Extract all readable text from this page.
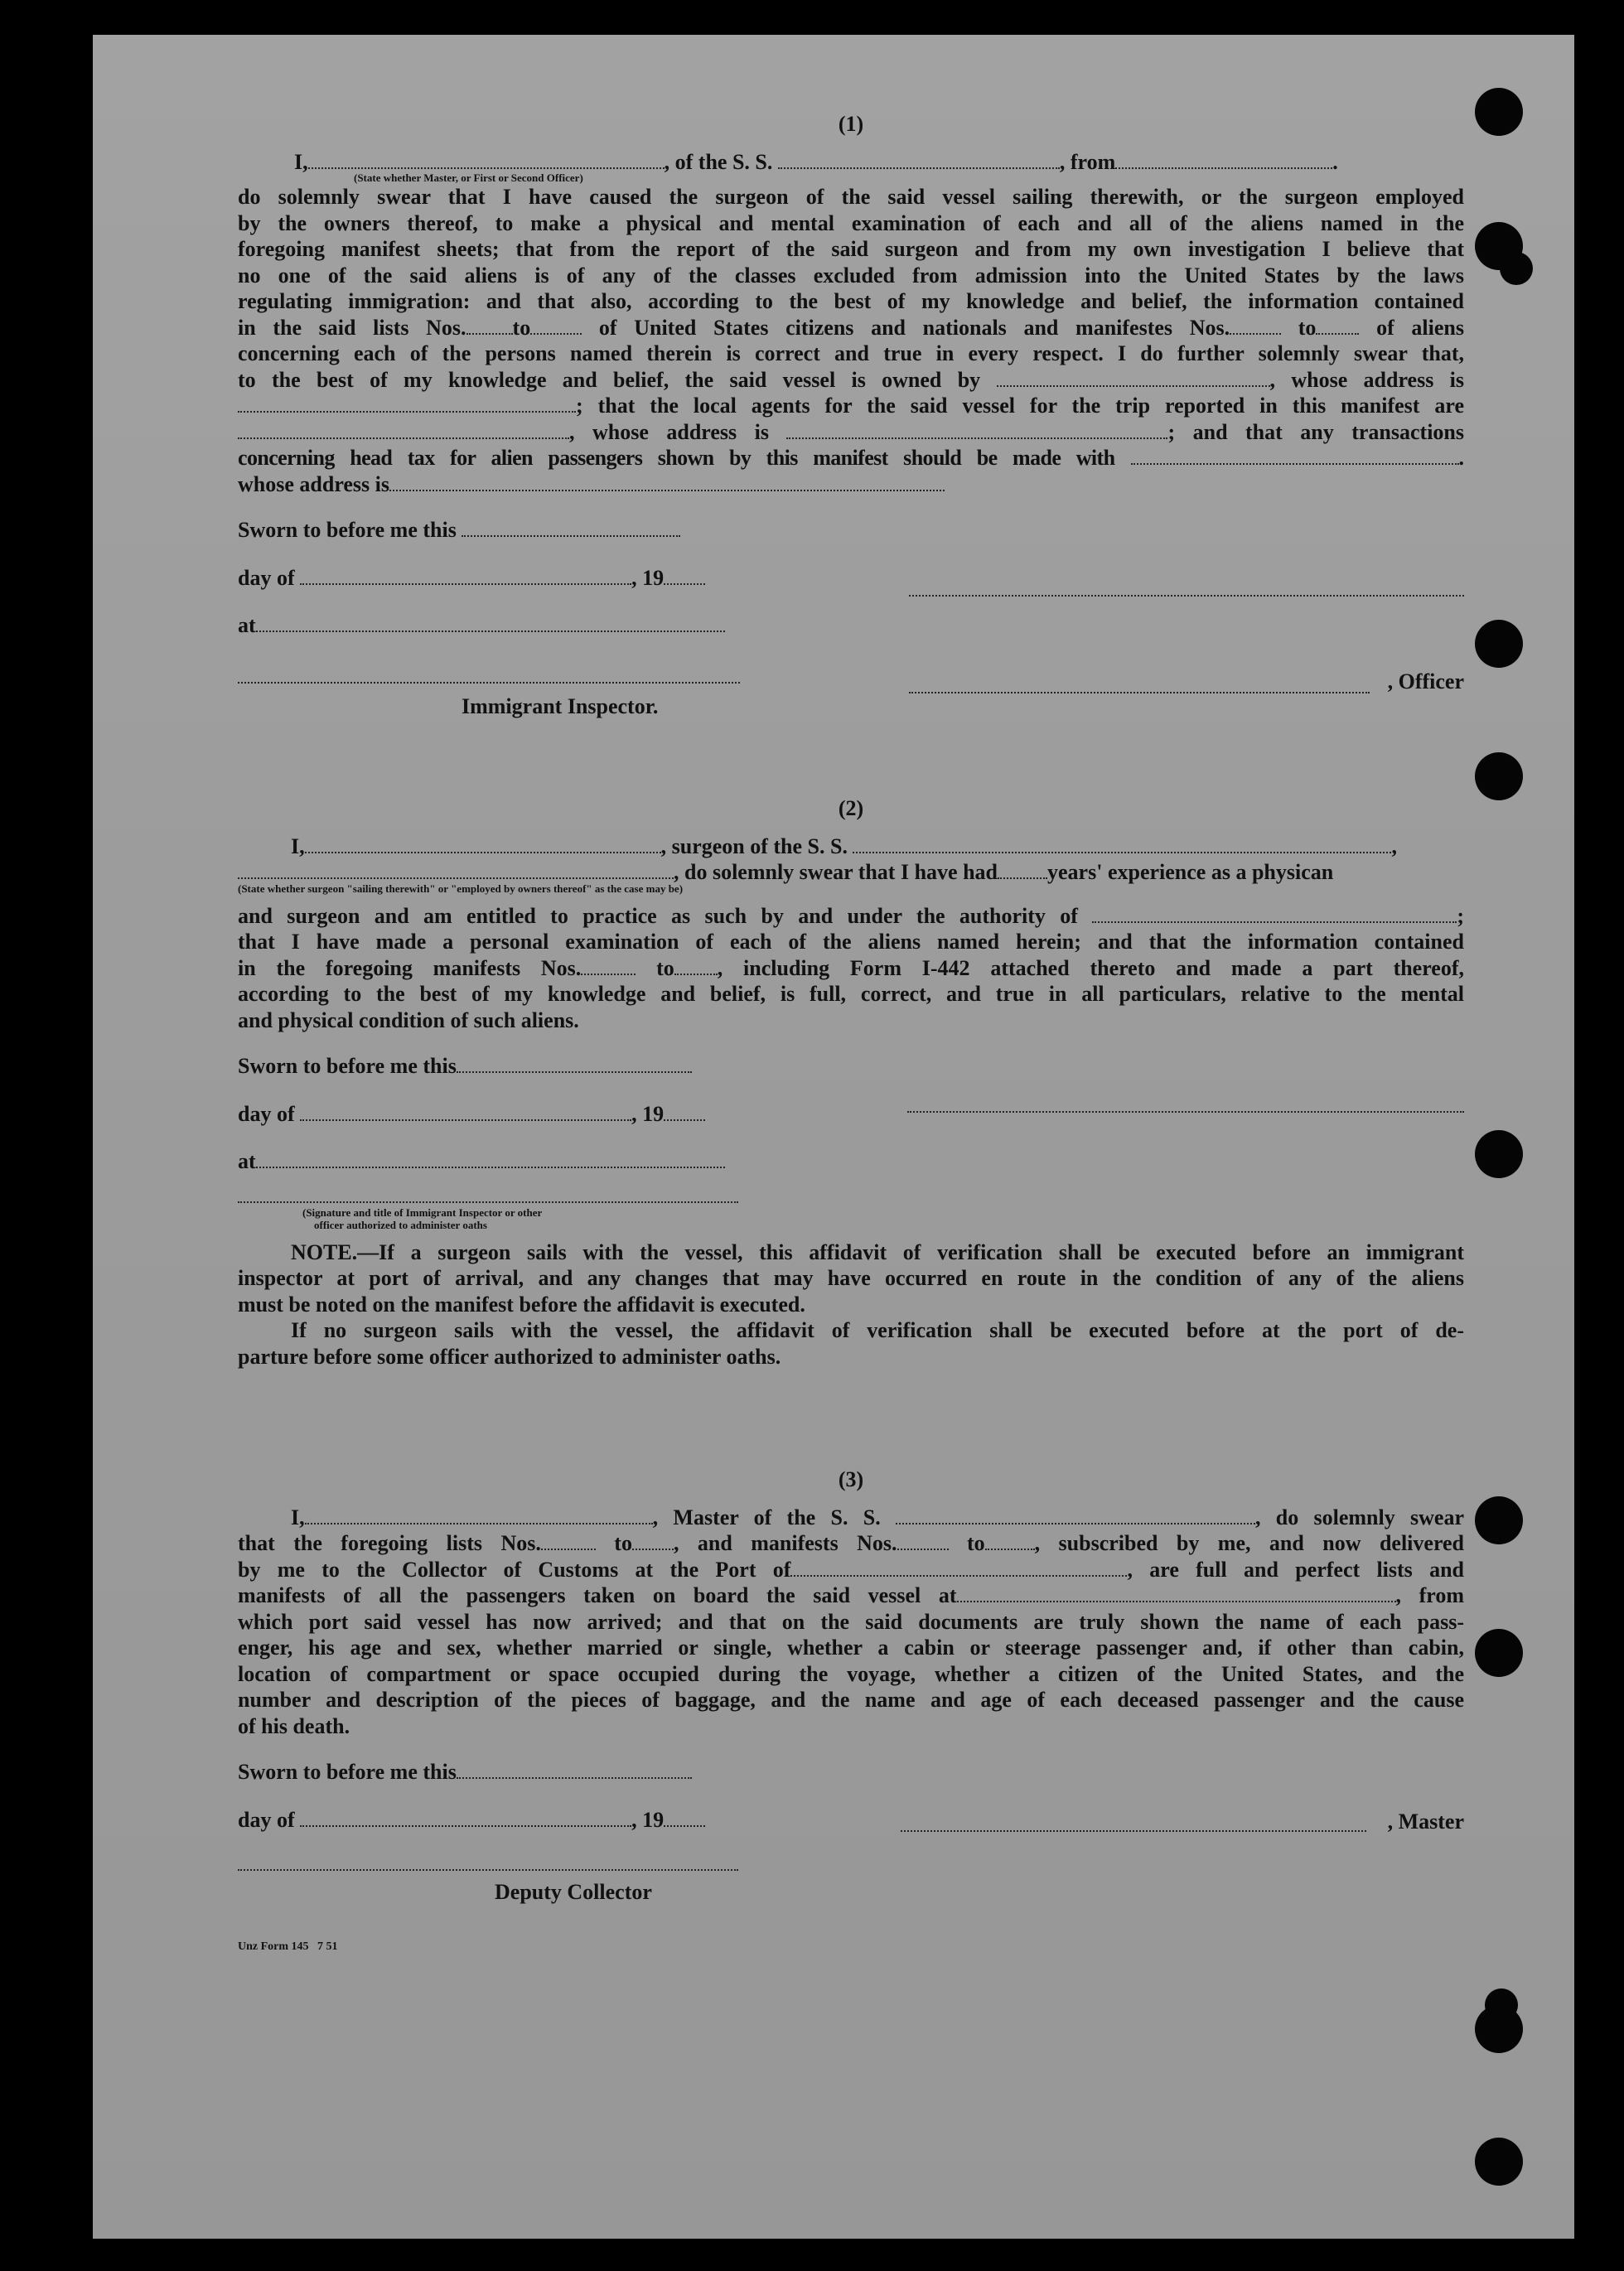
(1)
I,	, of the S. S.	, from	.
(State whether Master, or First or Second Officer)
do solemnly swear that I have caused the surgeon of the said vessel sailing therewith, or the surgeon employed
by the owners thereof, to make a physical and mental examination of each and all of the aliens named in the
foregoing manifest sheets; that from the report of the said surgeon and from my own investigation I believe that
no one of the said aliens is of any of the classes excluded from admission into the United States by the laws
regulating immigration: and that also, according to the best of my knowledge and belief, the information contained
in the said lists Nos. to	of United States citizens and nationals and manifestes Nos.	to	of aliens
concerning each of the persons named therein is correct and true in every respect. I do further solemnly swear that,
to the best of my knowledge and belief, the said vessel is owned by	, whose address is
; that the local agents for the said vessel for the trip reported in this manifest are
, whose address is	; and that any transactions
concerning head tax for alien passengers shown by this manifest should be made with	.
whose address is
Sworn to before me this
day of	, 19
at
, Officer
Immigrant Inspector.
(2)
I,	, surgeon of the S. S.	,
, do solemnly swear that I have had years' experience as a physican
(State whether surgeon "sailing therewith" or "employed by owners thereof" as the case may be)
and surgeon and am entitled to practice as such by and under the authority of	;
that I have made a personal examination of each of the aliens named herein; and that the information contained
in the foregoing manifests Nos.	to , including Form I-442 attached thereto and made a part thereof,
according to the best of my knowledge and belief, is full, correct, and true in all particulars, relative to the mental
and physical condition of such aliens.
Sworn to before me this
day of	, 19
at
(Signature and title of Immigrant Inspector or other
officer authorized to administer oaths
NOTE.—If a surgeon sails with the vessel, this affidavit of verification shall be executed before an immigrant
inspector at port of arrival, and any changes that may have occurred en route in the condition of any of the aliens
must be noted on the manifest before the affidavit is executed.
If no surgeon sails with the vessel, the affidavit of verification shall be executed before at the port of de-
parture before some officer authorized to administer oaths.
(3)
I,	, Master of the S. S.	, do solemnly swear
that the foregoing lists Nos.	to , and manifests Nos.	to , subscribed by me, and now delivered
by me to the Collector of Customs at the Port of	, are full and perfect lists and
manifests of all the passengers taken on board the said vessel at	, from
which port said vessel has now arrived; and that on the said documents are truly shown the name of each pass-
enger, his age and sex, whether married or single, whether a cabin or steerage passenger and, if other than cabin,
location of compartment or space occupied during the voyage, whether a citizen of the United States, and the
number and description of the pieces of baggage, and the name and age of each deceased passenger and the cause
of his death.
Sworn to before me this
day of	, 19	, Master
Deputy Collector
Unz Form 145   7 51
